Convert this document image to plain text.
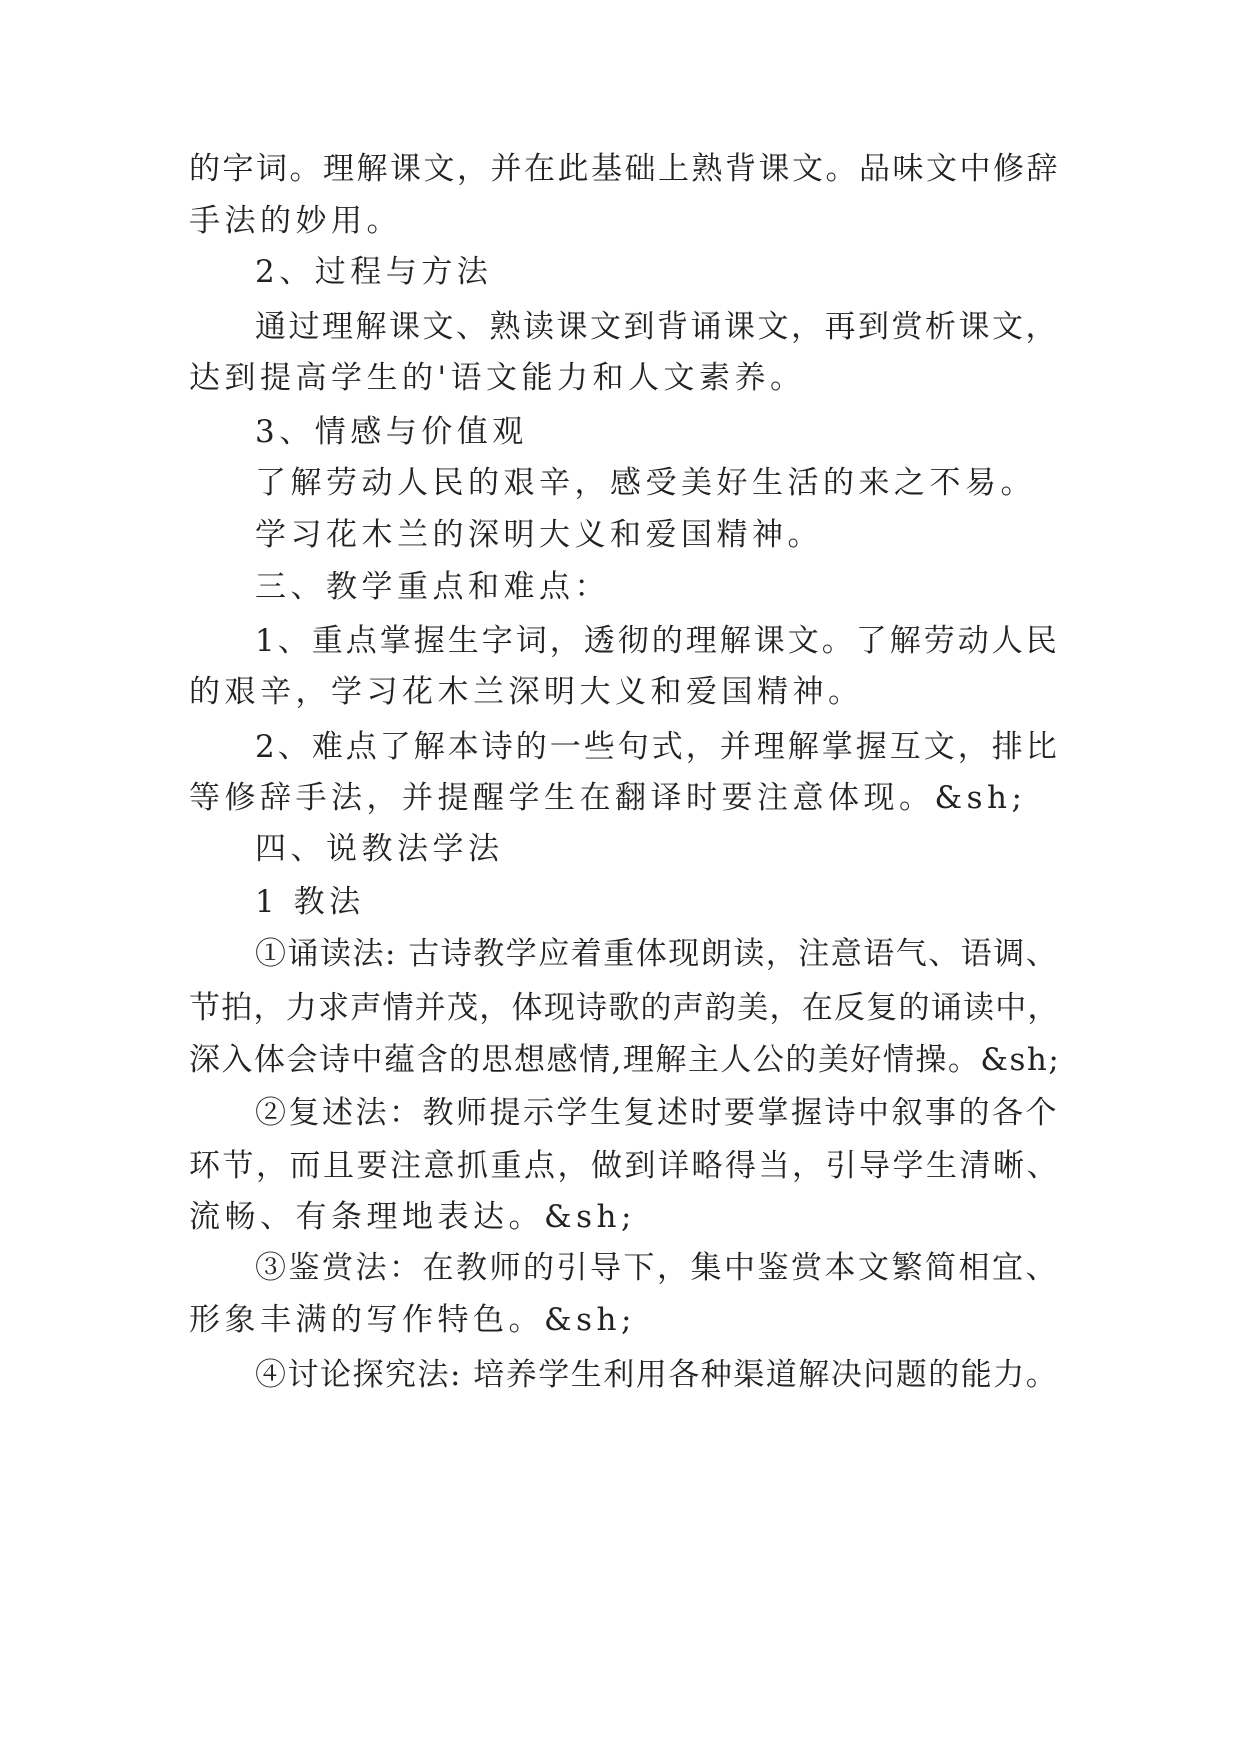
的字词。理解课文，并在此基础上熟背课文。品味文中修辞
手法的妙用。
2、过程与方法
通过理解课文、熟读课文到背诵课文，再到赏析课文，
达到提高学生的'语文能力和人文素养。
3、情感与价值观
了解劳动人民的艰辛，感受美好生活的来之不易。
学习花木兰的深明大义和爱国精神。
三、教学重点和难点：
1、重点掌握生字词，透彻的理解课文。了解劳动人民
的艰辛，学习花木兰深明大义和爱国精神。
2、难点了解本诗的一些句式，并理解掌握互文，排比
等修辞手法，并提醒学生在翻译时要注意体现。&sh;
四、说教法学法
1 教法
①诵读法: 古诗教学应着重体现朗读，注意语气、语调、
节拍，力求声情并茂，体现诗歌的声韵美，在反复的诵读中，
深入体会诗中蕴含的思想感情,理解主人公的美好情操。&sh;
②复述法：教师提示学生复述时要掌握诗中叙事的各个
环节，而且要注意抓重点，做到详略得当，引导学生清晰、
流畅、有条理地表达。&sh;
③鉴赏法：在教师的引导下，集中鉴赏本文繁简相宜、
形象丰满的写作特色。&sh;
④讨论探究法: 培养学生利用各种渠道解决问题的能力。
